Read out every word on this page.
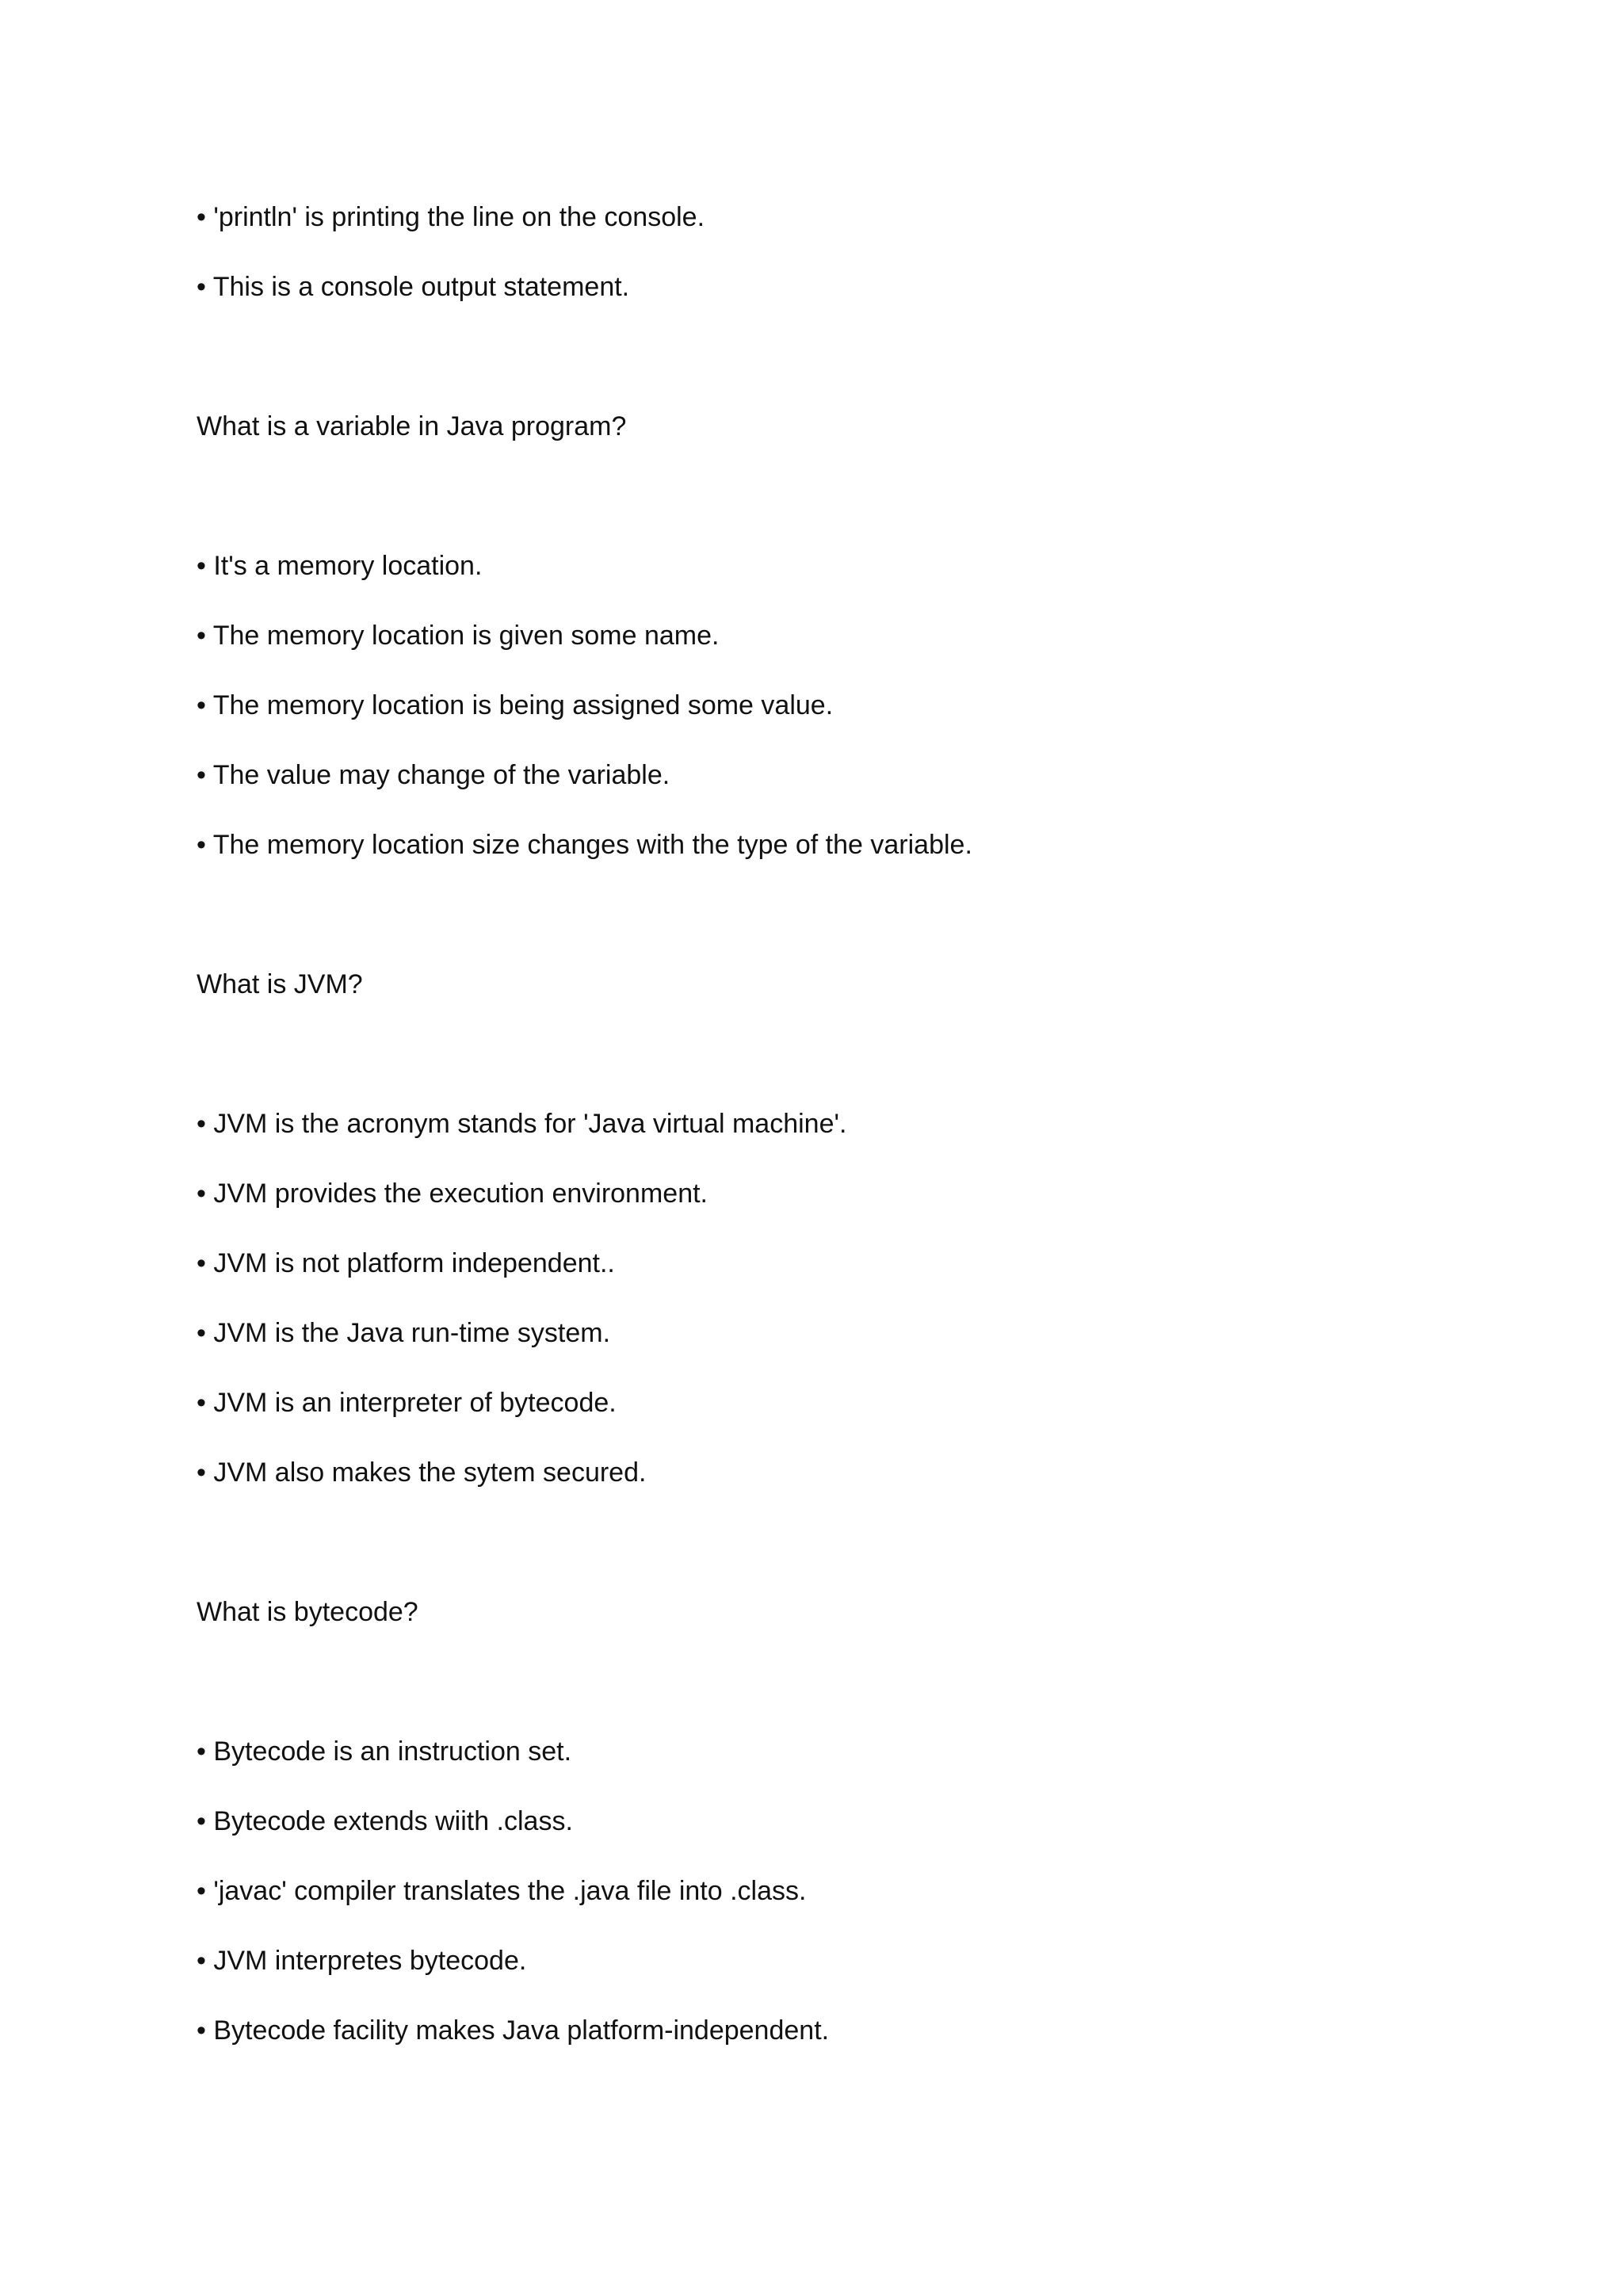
• 'println' is printing the line on the console.
• This is a console output statement.
What is a variable in Java program?
• It's a memory location.
• The memory location is given some name.
• The memory location is being assigned some value.
• The value may change of the variable.
• The memory location size changes with the type of the variable.
What is JVM?
• JVM is the acronym stands for 'Java virtual machine'.
• JVM provides the execution environment.
• JVM is not platform independent..
• JVM is the Java run-time system.
• JVM is an interpreter of bytecode.
• JVM also makes the sytem secured.
What is bytecode?
• Bytecode is an instruction set.
• Bytecode extends wiith .class.
• 'javac' compiler translates the .java file into .class.
• JVM interpretes bytecode.
• Bytecode facility makes Java platform-independent.
